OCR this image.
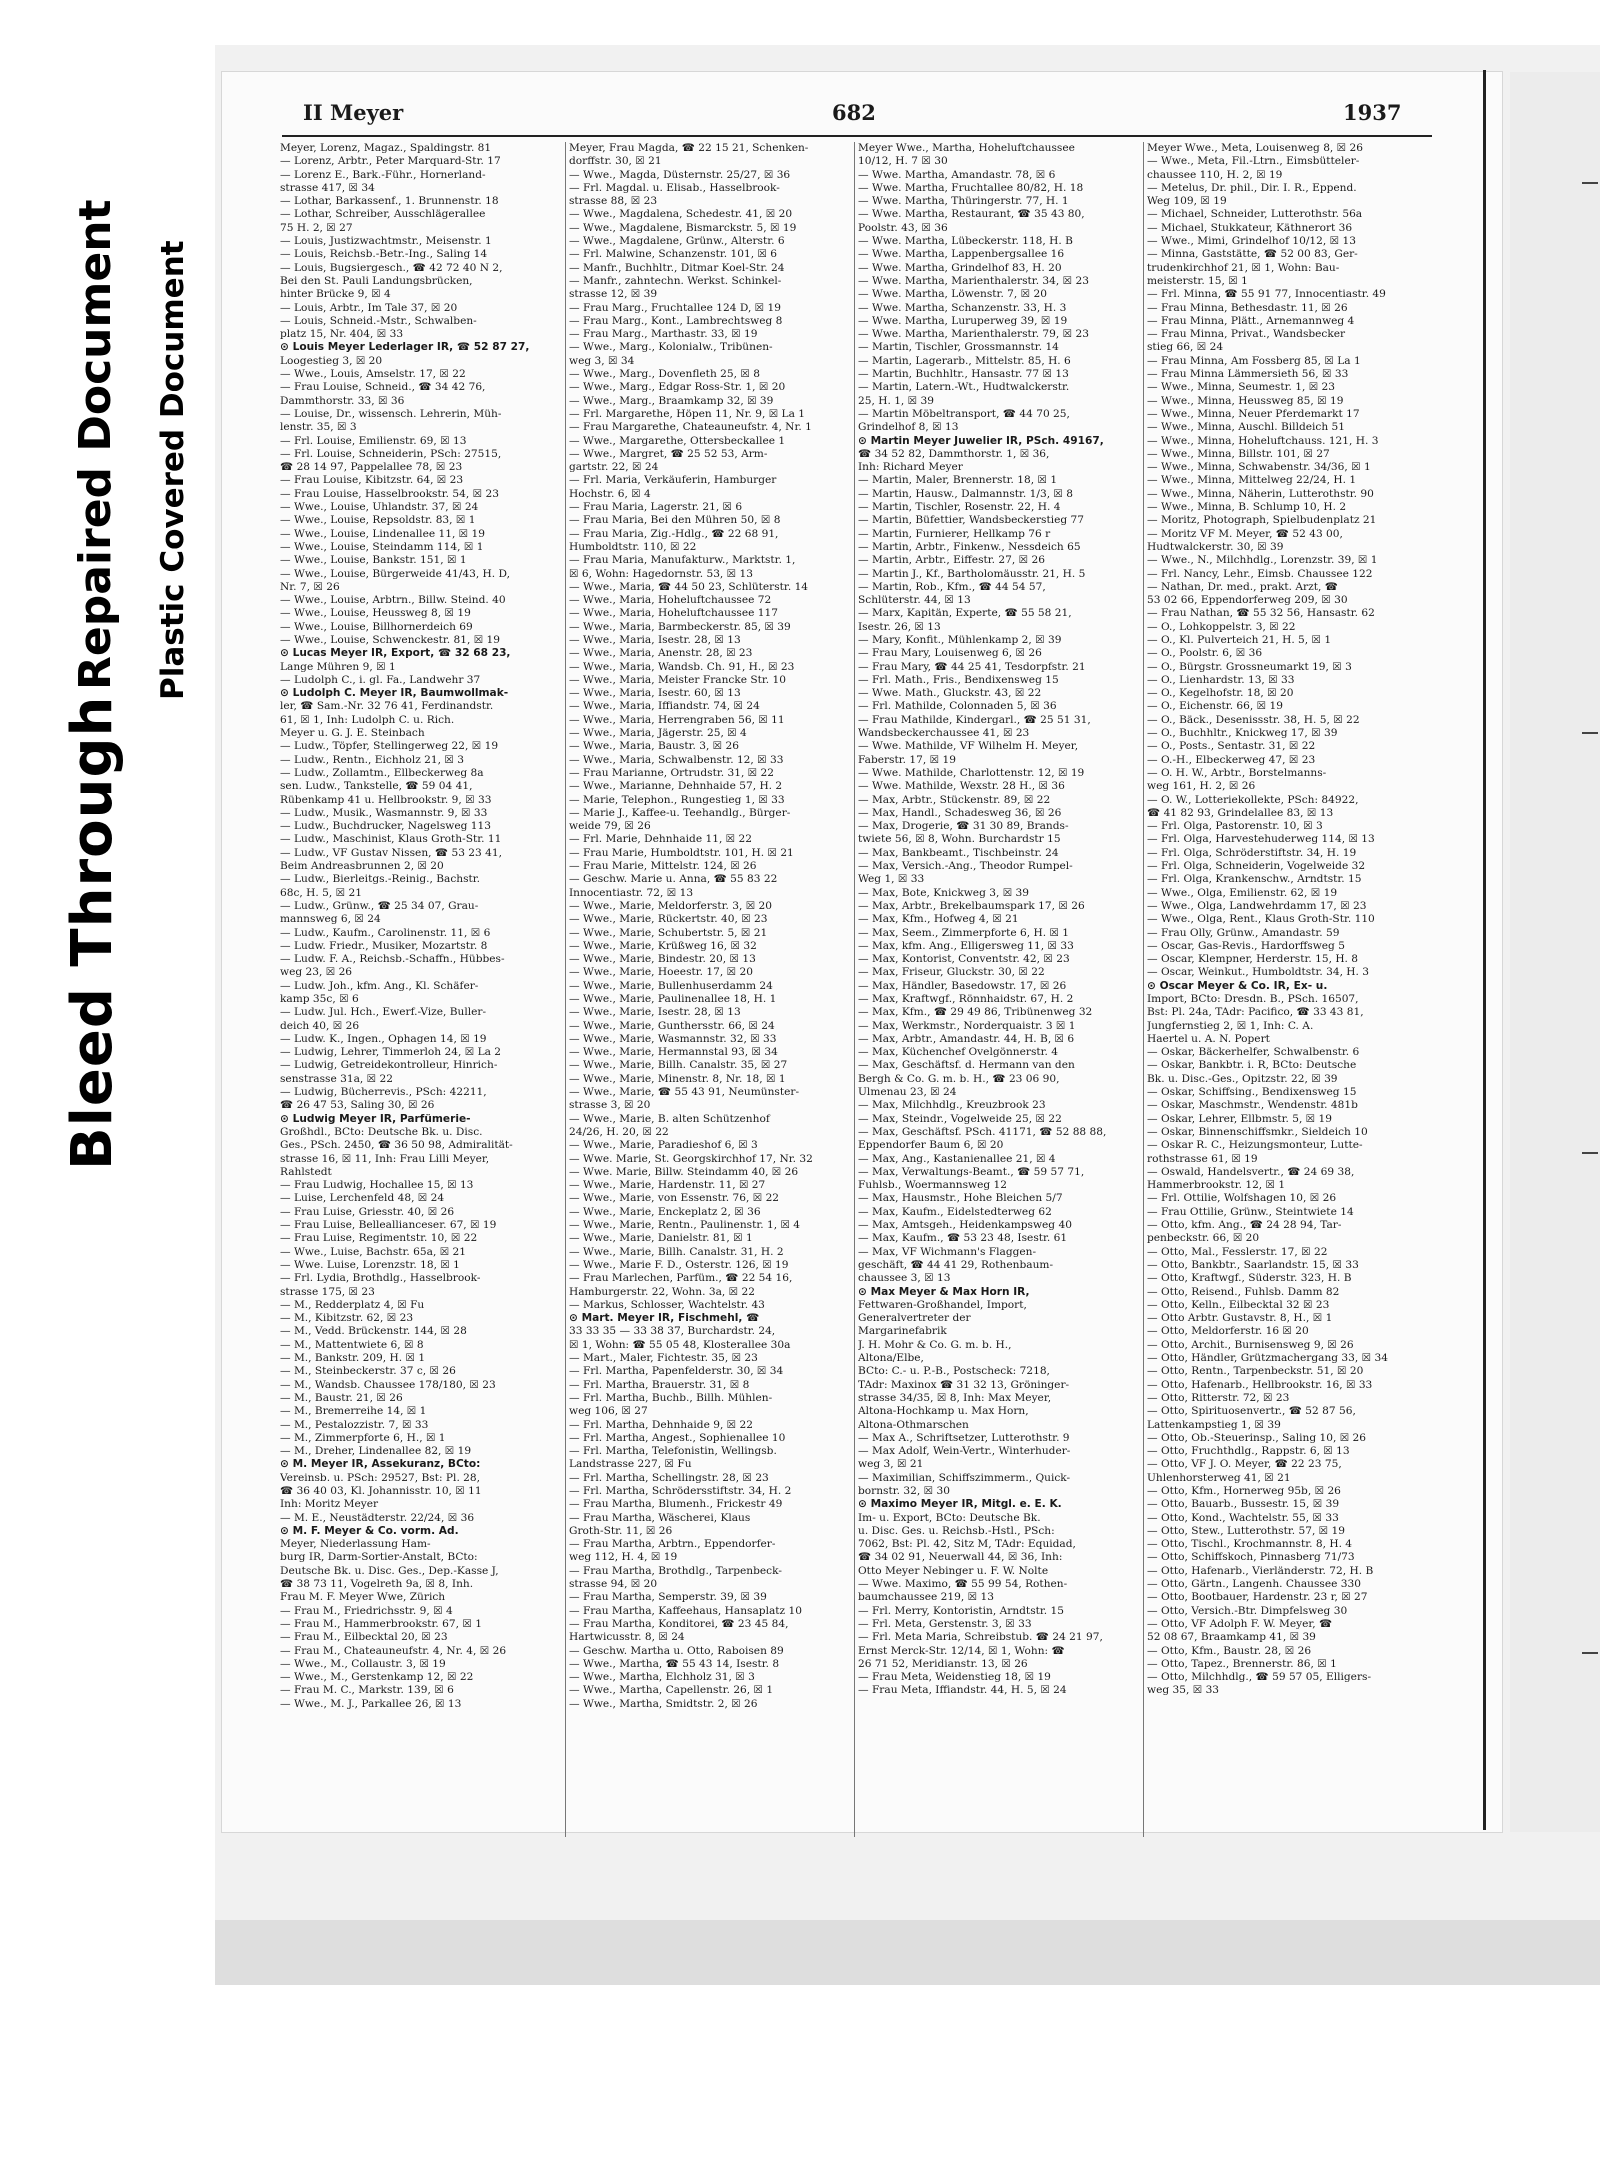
Bleed Through
Repaired Document Plastic Covered Document
II Meyer	682	1937
Meyer, Lorenz, Magaz., Spaldingstr. 81
— Lorenz, Arbtr., Peter Marquard-Str. 17
— Lorenz E., Bark.-Führ., Hornerland-
strasse 417, ☒ 34
— Lothar, Barkassenf., 1. Brunnenstr. 18
— Lothar, Schreiber, Ausschlägerallee
75 H. 2, ☒ 27
— Louis, Justizwachtmstr., Meisenstr. 1
— Louis, Reichsb.-Betr.-Ing., Saling 14
— Louis, Bugsiergesch., ☎ 42 72 40 N 2,
Bei den St. Pauli Landungsbrücken,
hinter Brücke 9, ☒ 4
— Louis, Arbtr., Im Tale 37, ☒ 20
— Louis, Schneid.-Mstr., Schwalben-
platz 15, Nr. 404, ☒ 33
⊙ Louis Meyer Lederlager IR, ☎ 52 87 27,
Loogestieg 3, ☒ 20
— Wwe., Louis, Amselstr. 17, ☒ 22
— Frau Louise, Schneid., ☎ 34 42 76,
Dammthorstr. 33, ☒ 36
— Louise, Dr., wissensch. Lehrerin, Müh-
lenstr. 35, ☒ 3
— Frl. Louise, Emilienstr. 69, ☒ 13
— Frl. Louise, Schneiderin, PSch: 27515,
☎ 28 14 97, Pappelallee 78, ☒ 23
— Frau Louise, Kibitzstr. 64, ☒ 23
— Frau Louise, Hasselbrookstr. 54, ☒ 23
— Wwe., Louise, Uhlandstr. 37, ☒ 24
— Wwe., Louise, Repsoldstr. 83, ☒ 1
— Wwe., Louise, Lindenallee 11, ☒ 19
— Wwe., Louise, Steindamm 114, ☒ 1
— Wwe., Louise, Bankstr. 151, ☒ 1
— Wwe., Louise, Bürgerweide 41/43, H. D,
Nr. 7, ☒ 26
— Wwe., Louise, Arbtrn., Billw. Steind. 40
— Wwe., Louise, Heussweg 8, ☒ 19
— Wwe., Louise, Billhornerdeich 69
— Wwe., Louise, Schwenckestr. 81, ☒ 19
⊙ Lucas Meyer IR, Export, ☎ 32 68 23,
Lange Mühren 9, ☒ 1
— Ludolph C., i. gl. Fa., Landwehr 37
⊙ Ludolph C. Meyer IR, Baumwollmak-
ler, ☎ Sam.-Nr. 32 76 41, Ferdinandstr.
61, ☒ 1, Inh: Ludolph C. u. Rich.
Meyer u. G. J. E. Steinbach
— Ludw., Töpfer, Stellingerweg 22, ☒ 19
— Ludw., Rentn., Eichholz 21, ☒ 3
— Ludw., Zollamtm., Ellbeckerweg 8a
sen. Ludw., Tankstelle, ☎ 59 04 41,
Rübenkamp 41 u. Hellbrookstr. 9, ☒ 33
— Ludw., Musik., Wasmannstr. 9, ☒ 33
— Ludw., Buchdrucker, Nagelsweg 113
— Ludw., Maschinist, Klaus Groth-Str. 11
— Ludw., VF Gustav Nissen, ☎ 53 23 41,
Beim Andreasbrunnen 2, ☒ 20
— Ludw., Bierleitgs.-Reinig., Bachstr.
68c, H. 5, ☒ 21
— Ludw., Grünw., ☎ 25 34 07, Grau-
mannsweg 6, ☒ 24
— Ludw., Kaufm., Carolinenstr. 11, ☒ 6
— Ludw. Friedr., Musiker, Mozartstr. 8
— Ludw. F. A., Reichsb.-Schaffn., Hübbes-
weg 23, ☒ 26
— Ludw. Joh., kfm. Ang., Kl. Schäfer-
kamp 35c, ☒ 6
— Ludw. Jul. Hch., Ewerf.-Vize, Buller-
deich 40, ☒ 26
— Ludw. K., Ingen., Ophagen 14, ☒ 19
— Ludwig, Lehrer, Timmerloh 24, ☒ La 2
— Ludwig, Getreidekontrolleur, Hinrich-
senstrasse 31a, ☒ 22
— Ludwig, Bücherrevis., PSch: 42211,
☎ 26 47 53, Saling 30, ☒ 26
⊙ Ludwig Meyer IR, Parfümerie-
Großhdl., BCto: Deutsche Bk. u. Disc.
Ges., PSch. 2450, ☎ 36 50 98, Admiralität-
strasse 16, ☒ 11, Inh: Frau Lilli Meyer,
Rahlstedt
— Frau Ludwig, Hochallee 15, ☒ 13
— Luise, Lerchenfeld 48, ☒ 24
— Frau Luise, Griesstr. 40, ☒ 26
— Frau Luise, Belleallianceser. 67, ☒ 19
— Frau Luise, Regimentstr. 10, ☒ 22
— Wwe., Luise, Bachstr. 65a, ☒ 21
— Wwe. Luise, Lorenzstr. 18, ☒ 1
— Frl. Lydia, Brothdlg., Hasselbrook-
strasse 175, ☒ 23
— M., Redderplatz 4, ☒ Fu
— M., Kibitzstr. 62, ☒ 23
— M., Vedd. Brückenstr. 144, ☒ 28
— M., Mattentwiete 6, ☒ 8
— M., Bankstr. 209, H. ☒ 1
— M., Steinbeckerstr. 37 c, ☒ 26
— M., Wandsb. Chaussee 178/180, ☒ 23
— M., Baustr. 21, ☒ 26
— M., Bremerreihe 14, ☒ 1
— M., Pestalozzistr. 7, ☒ 33
— M., Zimmerpforte 6, H., ☒ 1
— M., Dreher, Lindenallee 82, ☒ 19
⊙ M. Meyer IR, Assekuranz, BCto:
Vereinsb. u. PSch: 29527, Bst: Pl. 28,
☎ 36 40 03, Kl. Johannisstr. 10, ☒ 11
Inh: Moritz Meyer
— M. E., Neustädterstr. 22/24, ☒ 36
⊙ M. F. Meyer & Co. vorm. Ad.
Meyer, Niederlassung Ham-
burg IR, Darm-Sortier-Anstalt, BCto:
Deutsche Bk. u. Disc. Ges., Dep.-Kasse J,
☎ 38 73 11, Vogelreth 9a, ☒ 8, Inh.
Frau M. F. Meyer Wwe, Zürich
— Frau M., Friedrichsstr. 9, ☒ 4
— Frau M., Hammerbrookstr. 67, ☒ 1
— Frau M., Eilbecktal 20, ☒ 23
— Frau M., Chateauneufstr. 4, Nr. 4, ☒ 26
— Wwe., M., Collaustr. 3, ☒ 19
— Wwe., M., Gerstenkamp 12, ☒ 22
— Frau M. C., Markstr. 139, ☒ 6
— Wwe., M. J., Parkallee 26, ☒ 13
Meyer, Frau Magda, ☎ 22 15 21, Schenken-
dorffstr. 30, ☒ 21
— Wwe., Magda, Düsternstr. 25/27, ☒ 36
— Frl. Magdal. u. Elisab., Hasselbrook-
strasse 88, ☒ 23
— Wwe., Magdalena, Schedestr. 41, ☒ 20
— Wwe., Magdalene, Bismarckstr. 5, ☒ 19
— Wwe., Magdalene, Grünw., Alterstr. 6
— Frl. Malwine, Schanzenstr. 101, ☒ 6
— Manfr., Buchhltr., Ditmar Koel-Str. 24
— Manfr., zahntechn. Werkst. Schinkel-
strasse 12, ☒ 39
— Frau Marg., Fruchtallee 124 D, ☒ 19
— Frau Marg., Kont., Lambrechtsweg 8
— Frau Marg., Marthastr. 33, ☒ 19
— Wwe., Marg., Kolonialw., Tribünen-
weg 3, ☒ 34
— Wwe., Marg., Dovenfleth 25, ☒ 8
— Wwe., Marg., Edgar Ross-Str. 1, ☒ 20
— Wwe., Marg., Braamkamp 32, ☒ 39
— Frl. Margarethe, Höpen 11, Nr. 9, ☒ La 1
— Frau Margarethe, Chateauneufstr. 4, Nr. 1
— Wwe., Margarethe, Ottersbeckallee 1
— Wwe., Margret, ☎ 25 52 53, Arm-
gartstr. 22, ☒ 24
— Frl. Maria, Verkäuferin, Hamburger
Hochstr. 6, ☒ 4
— Frau Maria, Lagerstr. 21, ☒ 6
— Frau Maria, Bei den Mühren 50, ☒ 8
— Frau Maria, Zig.-Hdlg., ☎ 22 68 91,
Humboldtstr. 110, ☒ 22
— Frau Maria, Manufakturw., Marktstr. 1,
☒ 6, Wohn: Hagedornstr. 53, ☒ 13
— Wwe., Maria, ☎ 44 50 23, Schlüterstr. 14
— Wwe., Maria, Hoheluftchaussee 72
— Wwe., Maria, Hoheluftchaussee 117
— Wwe., Maria, Barmbeckerstr. 85, ☒ 39
— Wwe., Maria, Isestr. 28, ☒ 13
— Wwe., Maria, Anenstr. 28, ☒ 23
— Wwe., Maria, Wandsb. Ch. 91, H., ☒ 23
— Wwe., Maria, Meister Francke Str. 10
— Wwe., Maria, Isestr. 60, ☒ 13
— Wwe., Maria, Iffiandstr. 74, ☒ 24
— Wwe., Maria, Herrengraben 56, ☒ 11
— Wwe., Maria, Jägerstr. 25, ☒ 4
— Wwe., Maria, Baustr. 3, ☒ 26
— Wwe., Maria, Schwalbenstr. 12, ☒ 33
— Frau Marianne, Ortrudstr. 31, ☒ 22
— Wwe., Marianne, Dehnhaide 57, H. 2
— Marie, Telephon., Rungestieg 1, ☒ 33
— Marie J., Kaffee-u. Teehandlg., Bürger-
weide 79, ☒ 26
— Frl. Marie, Dehnhaide 11, ☒ 22
— Frau Marie, Humboldtstr. 101, H. ☒ 21
— Frau Marie, Mittelstr. 124, ☒ 26
— Geschw. Marie u. Anna, ☎ 55 83 22
Innocentiastr. 72, ☒ 13
— Wwe., Marie, Meldorferstr. 3, ☒ 20
— Wwe., Marie, Rückertstr. 40, ☒ 23
— Wwe., Marie, Schubertstr. 5, ☒ 21
— Wwe., Marie, Krüßweg 16, ☒ 32
— Wwe., Marie, Bindestr. 20, ☒ 13
— Wwe., Marie, Hoeestr. 17, ☒ 20
— Wwe., Marie, Bullenhuserdamm 24
— Wwe., Marie, Paulinenallee 18, H. 1
— Wwe., Marie, Isestr. 28, ☒ 13
— Wwe., Marie, Gunthersstr. 66, ☒ 24
— Wwe., Marie, Wasmannstr. 32, ☒ 33
— Wwe., Marie, Hermannstal 93, ☒ 34
— Wwe., Marie, Billh. Canalstr. 35, ☒ 27
— Wwe., Marie, Minenstr. 8, Nr. 18, ☒ 1
— Wwe., Marie, ☎ 55 43 91, Neumünster-
strasse 3, ☒ 20
— Wwe., Marie, B. alten Schützenhof
24/26, H. 20, ☒ 22
— Wwe., Marie, Paradieshof 6, ☒ 3
— Wwe. Marie, St. Georgskirchhof 17, Nr. 32
— Wwe. Marie, Billw. Steindamm 40, ☒ 26
— Wwe., Marie, Hardenstr. 11, ☒ 27
— Wwe., Marie, von Essenstr. 76, ☒ 22
— Wwe., Marie, Enckeplatz 2, ☒ 36
— Wwe., Marie, Rentn., Paulinenstr. 1, ☒ 4
— Wwe., Marie, Danielstr. 81, ☒ 1
— Wwe., Marie, Billh. Canalstr. 31, H. 2
— Wwe., Marie F. D., Osterstr. 126, ☒ 19
— Frau Marlechen, Parfüm., ☎ 22 54 16,
Hamburgerstr. 22, Wohn. 3a, ☒ 22
— Markus, Schlosser, Wachtelstr. 43
⊙ Mart. Meyer IR, Fischmehl, ☎
33 33 35 — 33 38 37, Burchardstr. 24,
☒ 1, Wohn: ☎ 55 05 48, Klosterallee 30a
— Mart., Maler, Fichtestr. 35, ☒ 23
— Frl. Martha, Papenfelderstr. 30, ☒ 34
— Frl. Martha, Brauerstr. 31, ☒ 8
— Frl. Martha, Buchb., Billh. Mühlen-
weg 106, ☒ 27
— Frl. Martha, Dehnhaide 9, ☒ 22
— Frl. Martha, Angest., Sophienallee 10
— Frl. Martha, Telefonistin, Wellingsb.
Landstrasse 227, ☒ Fu
— Frl. Martha, Schellingstr. 28, ☒ 23
— Frl. Martha, Schrödersstiftstr. 34, H. 2
— Frau Martha, Blumenh., Frickestr 49
— Frau Martha, Wäscherei, Klaus
Groth-Str. 11, ☒ 26
— Frau Martha, Arbtrn., Eppendorfer-
weg 112, H. 4, ☒ 19
— Frau Martha, Brothdlg., Tarpenbeck-
strasse 94, ☒ 20
— Frau Martha, Semperstr. 39, ☒ 39
— Frau Martha, Kaffeehaus, Hansaplatz 10
— Frau Martha, Konditorei, ☎ 23 45 84,
Hartwicusstr. 8, ☒ 24
— Geschw. Martha u. Otto, Raboisen 89
— Wwe., Martha, ☎ 55 43 14, Isestr. 8
— Wwe., Martha, Elchholz 31, ☒ 3
— Wwe., Martha, Capellenstr. 26, ☒ 1
— Wwe., Martha, Smidtstr. 2, ☒ 26
Meyer Wwe., Martha, Hoheluftchaussee
10/12, H. 7 ☒ 30
— Wwe. Martha, Amandastr. 78, ☒ 6
— Wwe. Martha, Fruchtallee 80/82, H. 18
— Wwe. Martha, Thüringerstr. 77, H. 1
— Wwe. Martha, Restaurant, ☎ 35 43 80,
Poolstr. 43, ☒ 36
— Wwe. Martha, Lübeckerstr. 118, H. B
— Wwe. Martha, Lappenbergsallee 16
— Wwe. Martha, Grindelhof 83, H. 20
— Wwe. Martha, Marienthalerstr. 34, ☒ 23
— Wwe. Martha, Löwenstr. 7, ☒ 20
— Wwe. Martha, Schanzenstr. 33, H. 3
— Wwe. Martha, Luruperweg 39, ☒ 19
— Wwe. Martha, Marienthalerstr. 79, ☒ 23
— Martin, Tischler, Grossmannstr. 14
— Martin, Lagerarb., Mittelstr. 85, H. 6
— Martin, Buchhltr., Hansastr. 77 ☒ 13
— Martin, Latern.-Wt., Hudtwalckerstr.
25, H. 1, ☒ 39
— Martin Möbeltransport, ☎ 44 70 25,
Grindelhof 8, ☒ 13
⊙ Martin Meyer Juwelier IR, PSch. 49167,
☎ 34 52 82, Dammthorstr. 1, ☒ 36,
Inh: Richard Meyer
— Martin, Maler, Brennerstr. 18, ☒ 1
— Martin, Hausw., Dalmannstr. 1/3, ☒ 8
— Martin, Tischler, Rosenstr. 22, H. 4
— Martin, Büfettier, Wandsbeckerstieg 77
— Martin, Furnierer, Hellkamp 76 r
— Martin, Arbtr., Finkenw., Nessdeich 65
— Martin, Arbtr., Eiffestr. 27, ☒ 26
— Martin J., Kf., Bartholomäusstr. 21, H. 5
— Martin, Rob., Kfm., ☎ 44 54 57,
Schlüterstr. 44, ☒ 13
— Marx, Kapitän, Experte, ☎ 55 58 21,
Isestr. 26, ☒ 13
— Mary, Konfit., Mühlenkamp 2, ☒ 39
— Frau Mary, Louisenweg 6, ☒ 26
— Frau Mary, ☎ 44 25 41, Tesdorpfstr. 21
— Frl. Math., Fris., Bendixensweg 15
— Wwe. Math., Gluckstr. 43, ☒ 22
— Frl. Mathilde, Colonnaden 5, ☒ 36
— Frau Mathilde, Kindergarl., ☎ 25 51 31,
Wandsbeckerchaussee 41, ☒ 23
— Wwe. Mathilde, VF Wilhelm H. Meyer,
Faberstr. 17, ☒ 19
— Wwe. Mathilde, Charlottenstr. 12, ☒ 19
— Wwe. Mathilde, Wexstr. 28 H., ☒ 36
— Max, Arbtr., Stückenstr. 89, ☒ 22
— Max, Handl., Schadesweg 36, ☒ 26
— Max, Drogerie, ☎ 31 30 89, Brands-
twiete 56, ☒ 8, Wohn. Burchardstr 15
— Max, Bankbeamt., Tischbeinstr. 24
— Max, Versich.-Ang., Theodor Rumpel-
Weg 1, ☒ 33
— Max, Bote, Knickweg 3, ☒ 39
— Max, Arbtr., Brekelbaumspark 17, ☒ 26
— Max, Kfm., Hofweg 4, ☒ 21
— Max, Seem., Zimmerpforte 6, H. ☒ 1
— Max, kfm. Ang., Elligersweg 11, ☒ 33
— Max, Kontorist, Conventstr. 42, ☒ 23
— Max, Friseur, Gluckstr. 30, ☒ 22
— Max, Händler, Basedowstr. 17, ☒ 26
— Max, Kraftwgf., Rönnhaidstr. 67, H. 2
— Max, Kfm., ☎ 29 49 86, Tribünenweg 32
— Max, Werkmstr., Norderquaistr. 3 ☒ 1
— Max, Arbtr., Amandastr. 44, H. B, ☒ 6
— Max, Küchenchef Ovelgönnerstr. 4
— Max, Geschäftsf. d. Hermann van den
Bergh & Co. G. m. b. H., ☎ 23 06 90,
Ulmenau 23, ☒ 24
— Max, Milchhdlg., Kreuzbrook 23
— Max, Steindr., Vogelweide 25, ☒ 22
— Max, Geschäftsf. PSch. 41171, ☎ 52 88 88,
Eppendorfer Baum 6, ☒ 20
— Max, Ang., Kastanienallee 21, ☒ 4
— Max, Verwaltungs-Beamt., ☎ 59 57 71,
Fuhlsb., Woermannsweg 12
— Max, Hausmstr., Hohe Bleichen 5/7
— Max, Kaufm., Eidelstedterweg 62
— Max, Amtsgeh., Heidenkampsweg 40
— Max, Kaufm., ☎ 53 23 48, Isestr. 61
— Max, VF Wichmann's Flaggen-
geschäft, ☎ 44 41 29, Rothenbaum-
chaussee 3, ☒ 13
⊙ Max Meyer & Max Horn IR,
Fettwaren-Großhandel, Import,
Generalvertreter der
Margarinefabrik
J. H. Mohr & Co. G. m. b. H.,
Altona/Elbe,
BCto: C.- u. P.-B., Postscheck: 7218,
TAdr: Maxinox ☎ 31 32 13, Gröninger-
strasse 34/35, ☒ 8, Inh: Max Meyer,
Altona-Hochkamp u. Max Horn,
Altona-Othmarschen
— Max A., Schriftsetzer, Lutterothstr. 9
— Max Adolf, Wein-Vertr., Winterhuder-
weg 3, ☒ 21
— Maximilian, Schiffszimmerm., Quick-
bornstr. 32, ☒ 30
⊙ Maximo Meyer IR, Mitgl. e. E. K.
Im- u. Export, BCto: Deutsche Bk.
u. Disc. Ges. u. Reichsb.-Hstl., PSch:
7062, Bst: Pl. 42, Sitz M, TAdr: Equidad,
☎ 34 02 91, Neuerwall 44, ☒ 36, Inh:
Otto Meyer Nebinger u. F. W. Nolte
— Wwe. Maximo, ☎ 55 99 54, Rothen-
baumchaussee 219, ☒ 13
— Frl. Merry, Kontoristin, Arndtstr. 15
— Frl. Meta, Gerstenstr. 3, ☒ 33
— Frl. Meta Maria, Schreibstub. ☎ 24 21 97,
Ernst Merck-Str. 12/14, ☒ 1, Wohn: ☎
26 71 52, Meridianstr. 13, ☒ 26
— Frau Meta, Weidenstieg 18, ☒ 19
— Frau Meta, Iffiandstr. 44, H. 5, ☒ 24
Meyer Wwe., Meta, Louisenweg 8, ☒ 26
— Wwe., Meta, Fil.-Ltrn., Eimsbütteler-
chaussee 110, H. 2, ☒ 19
— Metelus, Dr. phil., Dir. I. R., Eppend.
Weg 109, ☒ 19
— Michael, Schneider, Lutterothstr. 56a
— Michael, Stukkateur, Käthnerort 36
— Wwe., Mimi, Grindelhof 10/12, ☒ 13
— Minna, Gaststätte, ☎ 52 00 83, Ger-
trudenkirchhof 21, ☒ 1, Wohn: Bau-
meisterstr. 15, ☒ 1
— Frl. Minna, ☎ 55 91 77, Innocentiastr. 49
— Frau Minna, Bethesdastr. 11, ☒ 26
— Frau Minna, Plätt., Arnemannweg 4
— Frau Minna, Privat., Wandsbecker
stieg 66, ☒ 24
— Frau Minna, Am Fossberg 85, ☒ La 1
— Frau Minna Lämmersieth 56, ☒ 33
— Wwe., Minna, Seumestr. 1, ☒ 23
— Wwe., Minna, Heussweg 85, ☒ 19
— Wwe., Minna, Neuer Pferdemarkt 17
— Wwe., Minna, Auschl. Billdeich 51
— Wwe., Minna, Hoheluftchauss. 121, H. 3
— Wwe., Minna, Billstr. 101, ☒ 27
— Wwe., Minna, Schwabenstr. 34/36, ☒ 1
— Wwe., Minna, Mittelweg 22/24, H. 1
— Wwe., Minna, Näherin, Lutterothstr. 90
— Wwe., Minna, B. Schlump 10, H. 2
— Moritz, Photograph, Spielbudenplatz 21
— Moritz VF M. Meyer, ☎ 52 43 00,
Hudtwalckerstr. 30, ☒ 39
— Wwe., N., Milchhdlg., Lorenzstr. 39, ☒ 1
— Frl. Nancy, Lehr., Eimsb. Chaussee 122
— Nathan, Dr. med., prakt. Arzt, ☎
53 02 66, Eppendorferweg 209, ☒ 30
— Frau Nathan, ☎ 55 32 56, Hansastr. 62
— O., Lohkoppelstr. 3, ☒ 22
— O., Kl. Pulverteich 21, H. 5, ☒ 1
— O., Poolstr. 6, ☒ 36
— O., Bürgstr. Grossneumarkt 19, ☒ 3
— O., Lienhardstr. 13, ☒ 33
— O., Kegelhofstr. 18, ☒ 20
— O., Eichenstr. 66, ☒ 19
— O., Bäck., Desenissstr. 38, H. 5, ☒ 22
— O., Buchhltr., Knickweg 17, ☒ 39
— O., Posts., Sentastr. 31, ☒ 22
— O.-H., Elbeckerweg 47, ☒ 23
— O. H. W., Arbtr., Borstelmanns-
weg 161, H. 2, ☒ 26
— O. W., Lotteriekollekte, PSch: 84922,
☎ 41 82 93, Grindelallee 83, ☒ 13
— Frl. Olga, Pastorenstr. 10, ☒ 3
— Frl. Olga, Harvestehuderweg 114, ☒ 13
— Frl. Olga, Schröderstiftstr. 34, H. 19
— Frl. Olga, Schneiderin, Vogelweide 32
— Frl. Olga, Krankenschw., Arndtstr. 15
— Wwe., Olga, Emilienstr. 62, ☒ 19
— Wwe., Olga, Landwehrdamm 17, ☒ 23
— Wwe., Olga, Rent., Klaus Groth-Str. 110
— Frau Olly, Grünw., Amandastr. 59
— Oscar, Gas-Revis., Hardorffsweg 5
— Oscar, Klempner, Herderstr. 15, H. 8
— Oscar, Weinkut., Humboldtstr. 34, H. 3
⊙ Oscar Meyer & Co. IR, Ex- u.
Import, BCto: Dresdn. B., PSch. 16507,
Bst: Pl. 24a, TAdr: Pacifico, ☎ 33 43 81,
Jungfernstieg 2, ☒ 1, Inh: C. A.
Haertel u. A. N. Popert
— Oskar, Bäckerhelfer, Schwalbenstr. 6
— Oskar, Bankbtr. i. R, BCto: Deutsche
Bk. u. Disc.-Ges., Opitzstr. 22, ☒ 39
— Oskar, Schiffsing., Bendixensweg 15
— Oskar, Maschmstr., Wendenstr. 481b
— Oskar, Lehrer, Ellbmstr. 5, ☒ 19
— Oskar, Binnenschiffsmkr., Sieldeich 10
— Oskar R. C., Heizungsmonteur, Lutte-
rothstrasse 61, ☒ 19
— Oswald, Handelsvertr., ☎ 24 69 38,
Hammerbrookstr. 12, ☒ 1
— Frl. Ottilie, Wolfshagen 10, ☒ 26
— Frau Ottilie, Grünw., Steintwiete 14
— Otto, kfm. Ang., ☎ 24 28 94, Tar-
penbeckstr. 66, ☒ 20
— Otto, Mal., Fesslerstr. 17, ☒ 22
— Otto, Bankbtr., Saarlandstr. 15, ☒ 33
— Otto, Kraftwgf., Süderstr. 323, H. B
— Otto, Reisend., Fuhlsb. Damm 82
— Otto, Kelln., Eilbecktal 32 ☒ 23
— Otto Arbtr. Gustavstr. 8, H., ☒ 1
— Otto, Meldorferstr. 16 ☒ 20
— Otto, Archit., Burnisensweg 9, ☒ 26
— Otto, Händler, Grützmachergang 33, ☒ 34
— Otto, Rentn., Tarpenbeckstr. 51, ☒ 20
— Otto, Hafenarb., Hellbrookstr. 16, ☒ 33
— Otto, Ritterstr. 72, ☒ 23
— Otto, Spirituosenvertr., ☎ 52 87 56,
Lattenkampstieg 1, ☒ 39
— Otto, Ob.-Steuerinsp., Saling 10, ☒ 26
— Otto, Fruchthdlg., Rappstr. 6, ☒ 13
— Otto, VF J. O. Meyer, ☎ 22 23 75,
Uhlenhorsterweg 41, ☒ 21
— Otto, Kfm., Hornerweg 95b, ☒ 26
— Otto, Bauarb., Bussestr. 15, ☒ 39
— Otto, Kond., Wachtelstr. 55, ☒ 33
— Otto, Stew., Lutterothstr. 57, ☒ 19
— Otto, Tischl., Krochmannstr. 8, H. 4
— Otto, Schiffskoch, Pinnasberg 71/73
— Otto, Hafenarb., Vierländerstr. 72, H. B
— Otto, Gärtn., Langenh. Chaussee 330
— Otto, Bootbauer, Hardenstr. 23 r, ☒ 27
— Otto, Versich.-Btr. Dimpfelsweg 30
— Otto, VF Adolph F. W. Meyer, ☎
52 08 67, Braamkamp 41, ☒ 39
— Otto, Kfm., Baustr. 28, ☒ 26
— Otto, Tapez., Brennerstr. 86, ☒ 1
— Otto, Milchhdlg., ☎ 59 57 05, Elligers-
weg 35, ☒ 33
